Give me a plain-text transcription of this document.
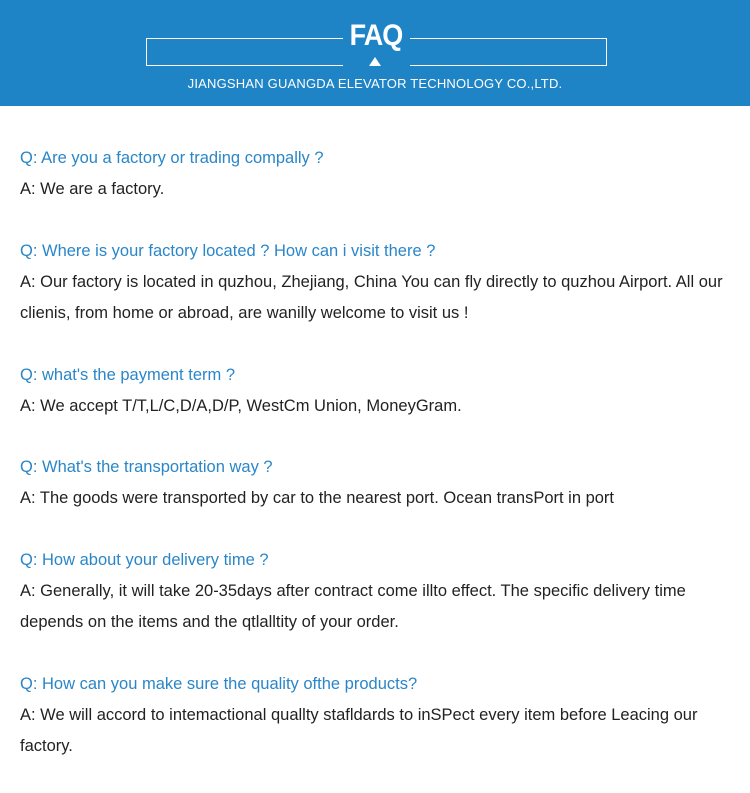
FAQ
JIANGSHAN GUANGDA ELEVATOR TECHNOLOGY CO.,LTD.
Q: Are you a factory or trading compally ?
A: We are a factory.
Q: Where is your factory located ? How can i visit there ?
A: Our factory is located in quzhou, Zhejiang, China You can fly directly to quzhou Airport. All our clienis, from home or abroad, are wanilly welcome to visit us !
Q: what's the payment term ?
A: We accept T/T,L/C,D/A,D/P, WestCm Union, MoneyGram.
Q: What's the transportation way ?
A: The goods were transported by car to the nearest port. Ocean transPort in port
Q: How about your delivery time ?
A: Generally, it will take 20-35days after contract come illto effect. The specific delivery time depends on the items and the qtlalltity of your order.
Q: How can you make sure the quality ofthe products?
A: We will accord to intemactional quallty stafldards to inSPect every item before Leacing our factory.
